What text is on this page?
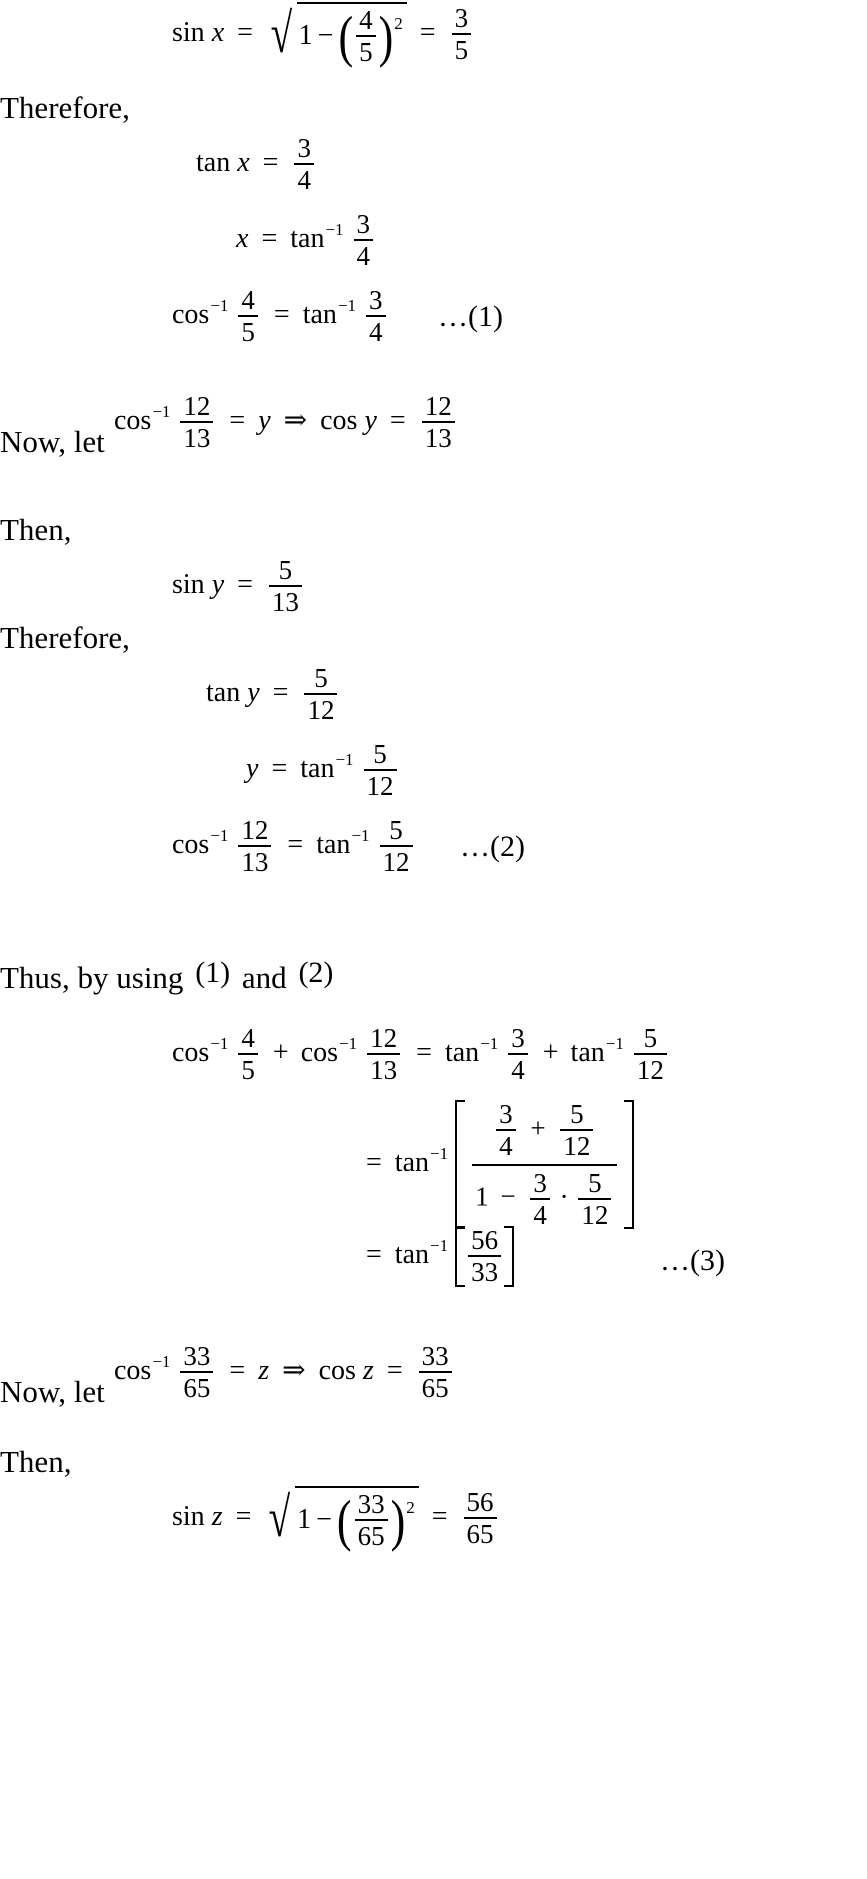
sin x = √ 1 − ( $\frac{4}{5}$ ) $2 = \frac{3}{5}$
Therefore,
$\tan x = \frac{3}{4}$
$x = \tan^{-1} \frac{3}{4}$
$\cos^{-1} \frac{4}{5} = \tan^{-1} \frac{3}{4}$ …(1)
Now, let
$\cos^{-1} \frac{12}{13} = y$ ⇒ $\cos y = \frac{12}{13}$
Then,
$\sin y = \frac{5}{13}$
Therefore,
$\tan y = \frac{5}{12}$
$y = \tan^{-1} \frac{5}{12}$
$\cos^{-1} \frac{12}{13} = \tan^{-1} \frac{5}{12}$ …(2)
Thus, by using (1) and (2)
$\cos^{-1} \frac{4}{5} + \cos^{-1} \frac{12}{13} = \tan^{-1} \frac{3}{4} + \tan^{-1} \frac{5}{12}$
= $\tan^{-1} \frac{\frac{3}{4} + \frac{5}{12}}{1 - \frac{3}{4} \cdot \frac{5}{12}}$
= $\tan^{-1} \frac{56}{33}$	…(3)
Now, let
$\cos^{-1} \frac{33}{65} = z$ ⇒ $\cos z = \frac{33}{65}$
Then,
sin z = √ 1 − ( $\frac{33}{65}$ ) $2 = \frac{56}{65}$
